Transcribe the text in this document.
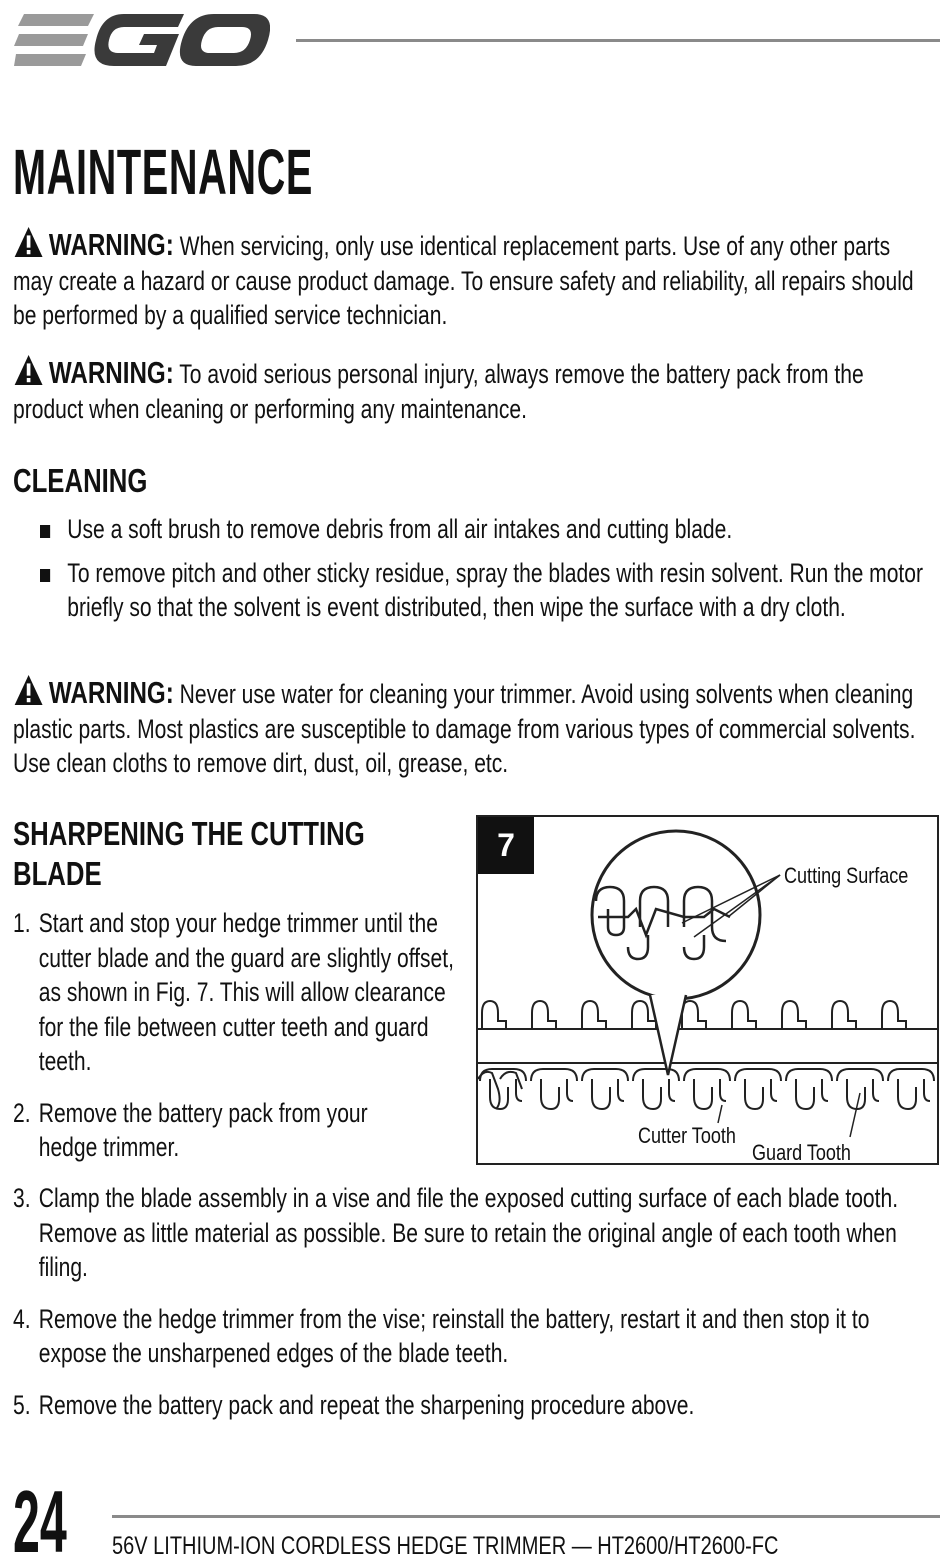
MAINTENANCE

WARNING: When servicing, only use identical replacement parts. Use of any other parts may create a hazard or cause product damage. To ensure safety and reliability, all repairs should be performed by a qualified service technician.

WARNING: To avoid serious personal injury, always remove the battery pack from the product when cleaning or performing any maintenance.

CLEANING
Use a soft brush to remove debris from all air intakes and cutting blade.
To remove pitch and other sticky residue, spray the blades with resin solvent. Run the motor briefly so that the solvent is event distributed, then wipe the surface with a dry cloth.

WARNING: Never use water for cleaning your trimmer. Avoid using solvents when cleaning plastic parts. Most plastics are susceptible to damage from various types of commercial solvents. Use clean cloths to remove dirt, dust, oil, grease, etc.

SHARPENING THE CUTTING
BLADE
1. Start and stop your hedge trimmer until the cutter blade and the guard are slightly offset, as shown in Fig. 7. This will allow clearance for the file between cutter teeth and guard teeth.
2. Remove the battery pack from your hedge trimmer.
3. Clamp the blade assembly in a vise and file the exposed cutting surface of each blade tooth. Remove as little material as possible. Be sure to retain the original angle of each tooth when filing.
4. Remove the hedge trimmer from the vise; reinstall the battery, restart it and then stop it to expose the unsharpened edges of the blade teeth.
5. Remove the battery pack and repeat the sharpening procedure above.
7
Cutting Surface
Cutter Tooth
Guard Tooth
24 56V LITHIUM-ION CORDLESS HEDGE TRIMMER — HT2600/HT2600-FC
